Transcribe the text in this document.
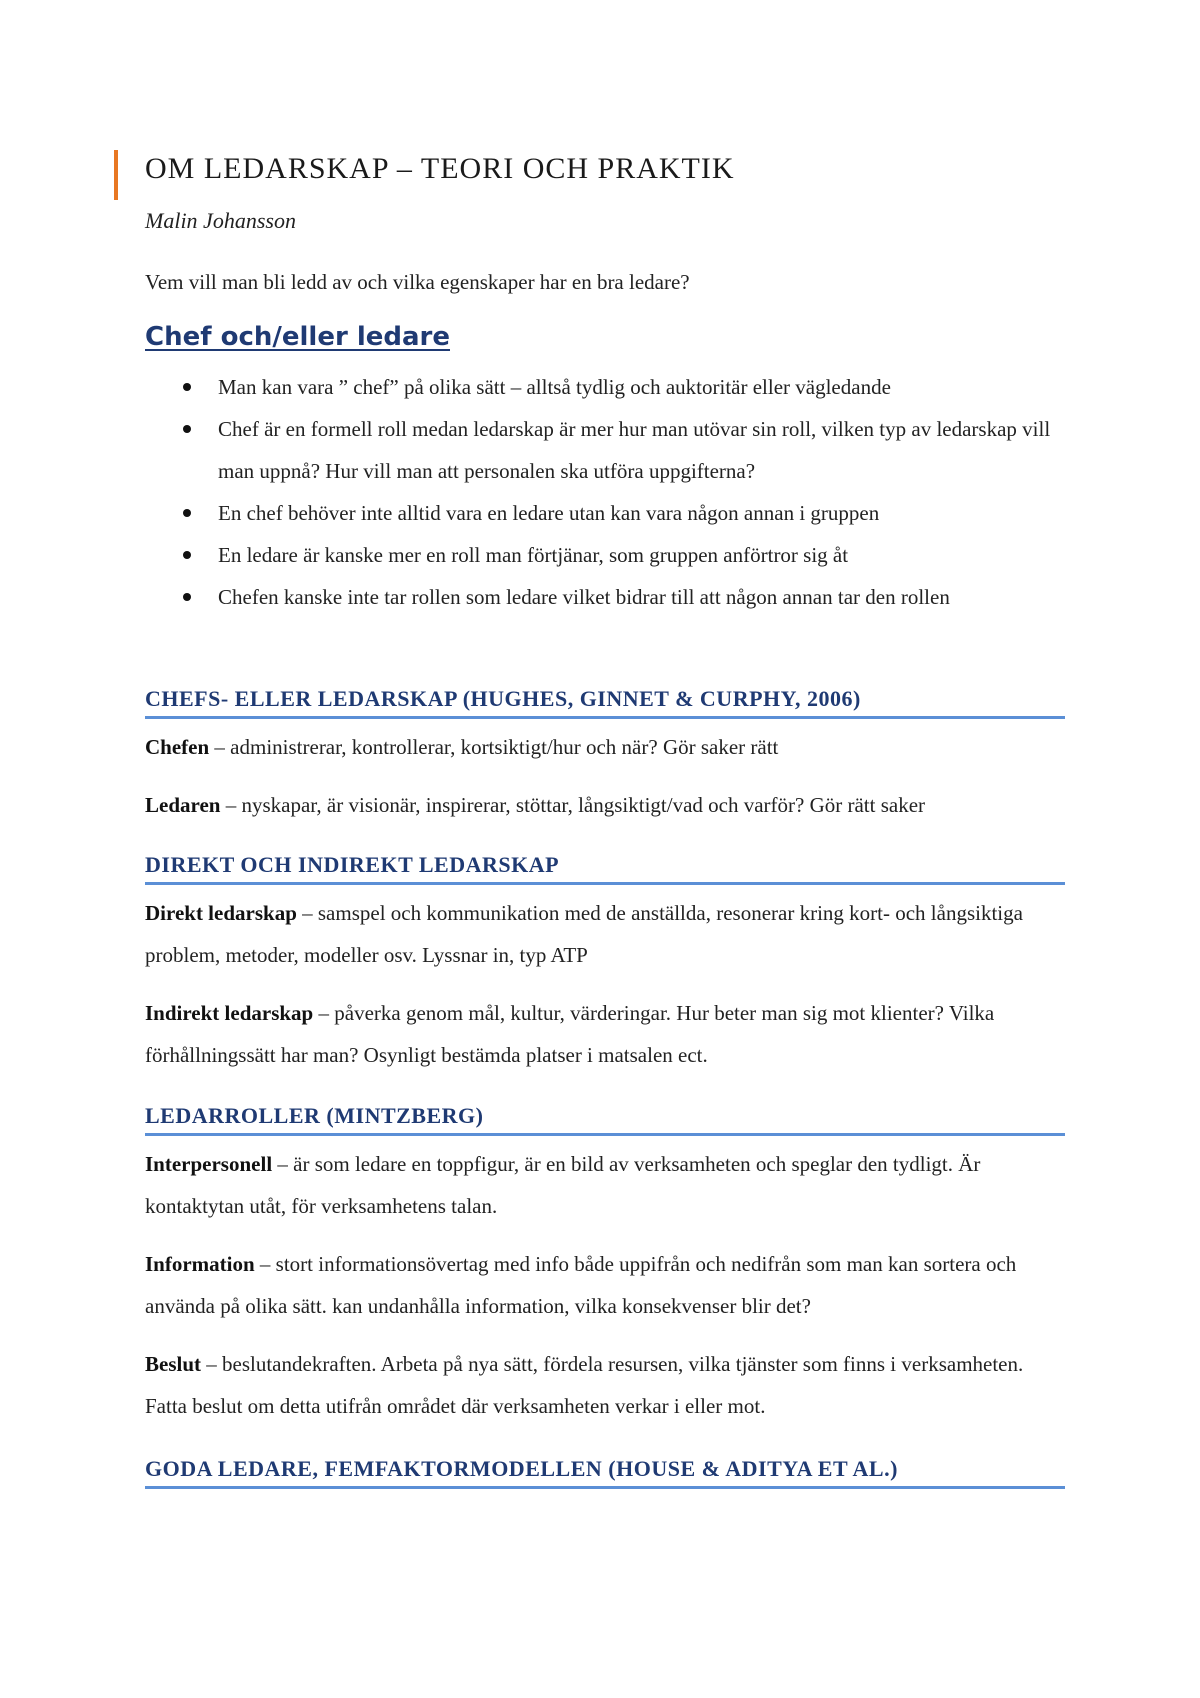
OM LEDARSKAP – TEORI OCH PRAKTIK

Malin Johansson

Vem vill man bli ledd av och vilka egenskaper har en bra ledare?

Chef och/eller ledare
Man kan vara ” chef” på olika sätt – alltså tydlig och auktoritär eller vägledande
Chef är en formell roll medan ledarskap är mer hur man utövar sin roll, vilken typ av ledarskap vill man uppnå? Hur vill man att personalen ska utföra uppgifterna?
En chef behöver inte alltid vara en ledare utan kan vara någon annan i gruppen
En ledare är kanske mer en roll man förtjänar, som gruppen anförtror sig åt
Chefen kanske inte tar rollen som ledare vilket bidrar till att någon annan tar den rollen
CHEFS- ELLER LEDARSKAP (HUGHES, GINNET & CURPHY, 2006)

Chefen – administrerar, kontrollerar, kortsiktigt/hur och när? Gör saker rätt

Ledaren – nyskapar, är visionär, inspirerar, stöttar, långsiktigt/vad och varför? Gör rätt saker

DIREKT OCH INDIREKT LEDARSKAP

Direkt ledarskap – samspel och kommunikation med de anställda, resonerar kring kort- och långsiktiga problem, metoder, modeller osv. Lyssnar in, typ ATP

Indirekt ledarskap – påverka genom mål, kultur, värderingar. Hur beter man sig mot klienter? Vilka förhållningssätt har man? Osynligt bestämda platser i matsalen ect.

LEDARROLLER (MINTZBERG)

Interpersonell – är som ledare en toppfigur, är en bild av verksamheten och speglar den tydligt. Är kontaktytan utåt, för verksamhetens talan.

Information – stort informationsövertag med info både uppifrån och nedifrån som man kan sortera och använda på olika sätt. kan undanhålla information, vilka konsekvenser blir det?

Beslut – beslutandekraften. Arbeta på nya sätt, fördela resursen, vilka tjänster som finns i verksamheten. Fatta beslut om detta utifrån området där verksamheten verkar i eller mot.

GODA LEDARE, FEMFAKTORMODELLEN (HOUSE & ADITYA ET AL.)
